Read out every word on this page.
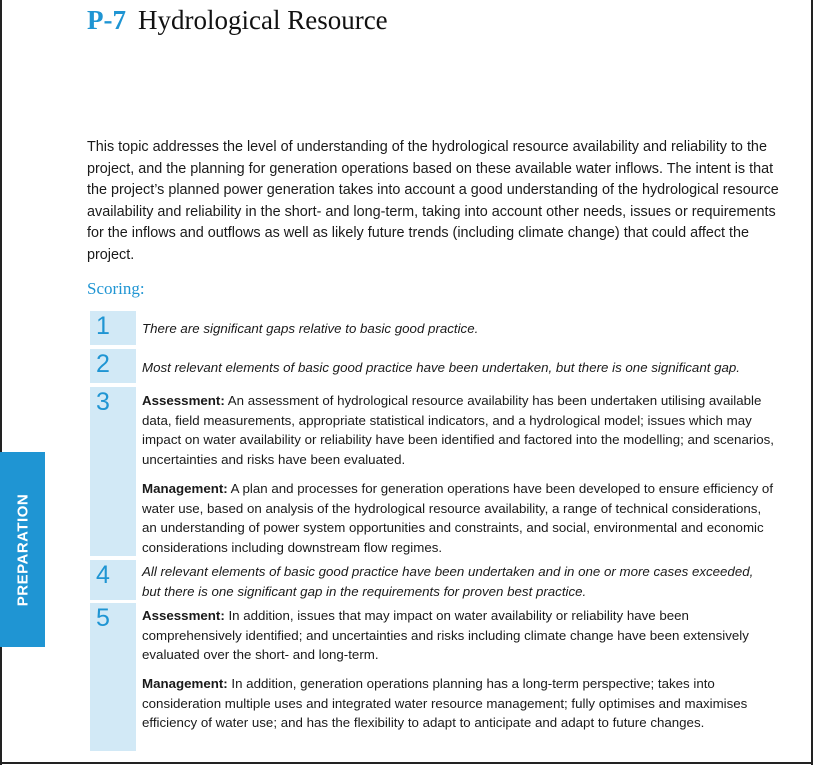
PREPARATION
P-7 Hydrological Resource
This topic addresses the level of understanding of the hydrological resource availability and reliability to the project, and the planning for generation operations based on these available water inflows. The intent is that the project’s planned power generation takes into account a good understanding of the hydrological resource availability and reliability in the short- and long-term, taking into account other needs, issues or requirements for the inflows and outflows as well as likely future trends (including climate change) that could affect the project.
Scoring:
1 There are significant gaps relative to basic good practice.
2 Most relevant elements of basic good practice have been undertaken, but there is one significant gap.
3 Assessment: An assessment of hydrological resource availability has been undertaken utilising available data, field measurements, appropriate statistical indicators, and a hydrological model; issues which may impact on water availability or reliability have been identified and factored into the modelling; and scenarios, uncertainties and risks have been evaluated.
Management: A plan and processes for generation operations have been developed to ensure efficiency of water use, based on analysis of the hydrological resource availability, a range of technical considerations, an understanding of power system opportunities and constraints, and social, environmental and economic considerations including downstream flow regimes.
4 All relevant elements of basic good practice have been undertaken and in one or more cases exceeded, but there is one significant gap in the requirements for proven best practice.
5 Assessment: In addition, issues that may impact on water availability or reliability have been comprehensively identified; and uncertainties and risks including climate change have been extensively evaluated over the short- and long-term.
Management: In addition, generation operations planning has a long-term perspective; takes into consideration multiple uses and integrated water resource management; fully optimises and maximises efficiency of water use; and has the flexibility to adapt to anticipate and adapt to future changes.
